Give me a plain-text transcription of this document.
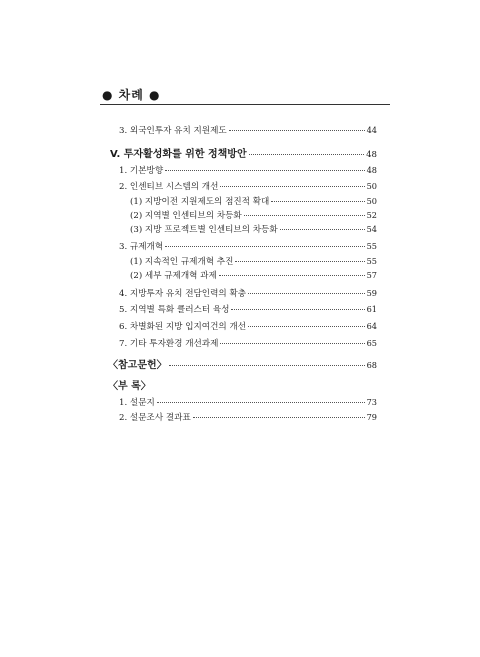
● 차례 ●
3. 외국인투자 유치 지원제도	44
V. 투자활성화를 위한 정책방안	48
1. 기본방향	48
2. 인센티브 시스템의 개선	50
(1) 지방이전 지원제도의 점진적 확대	50
(2) 지역별 인센티브의 차등화	52
(3) 지방 프로젝트별 인센티브의 차등화	54
3. 규제개혁	55
(1) 지속적인 규제개혁 추진	55
(2) 세부 규제개혁 과제	57
4. 지방투자 유치 전담인력의 확충	59
5. 지역별 특화 클러스터 육성	61
6. 차별화된 지방 입지여건의 개선	64
7. 기타 투자환경 개선과제	65
〈참고문헌〉	68
〈부 록〉
1. 설문지	73
2. 설문조사 결과표	79
